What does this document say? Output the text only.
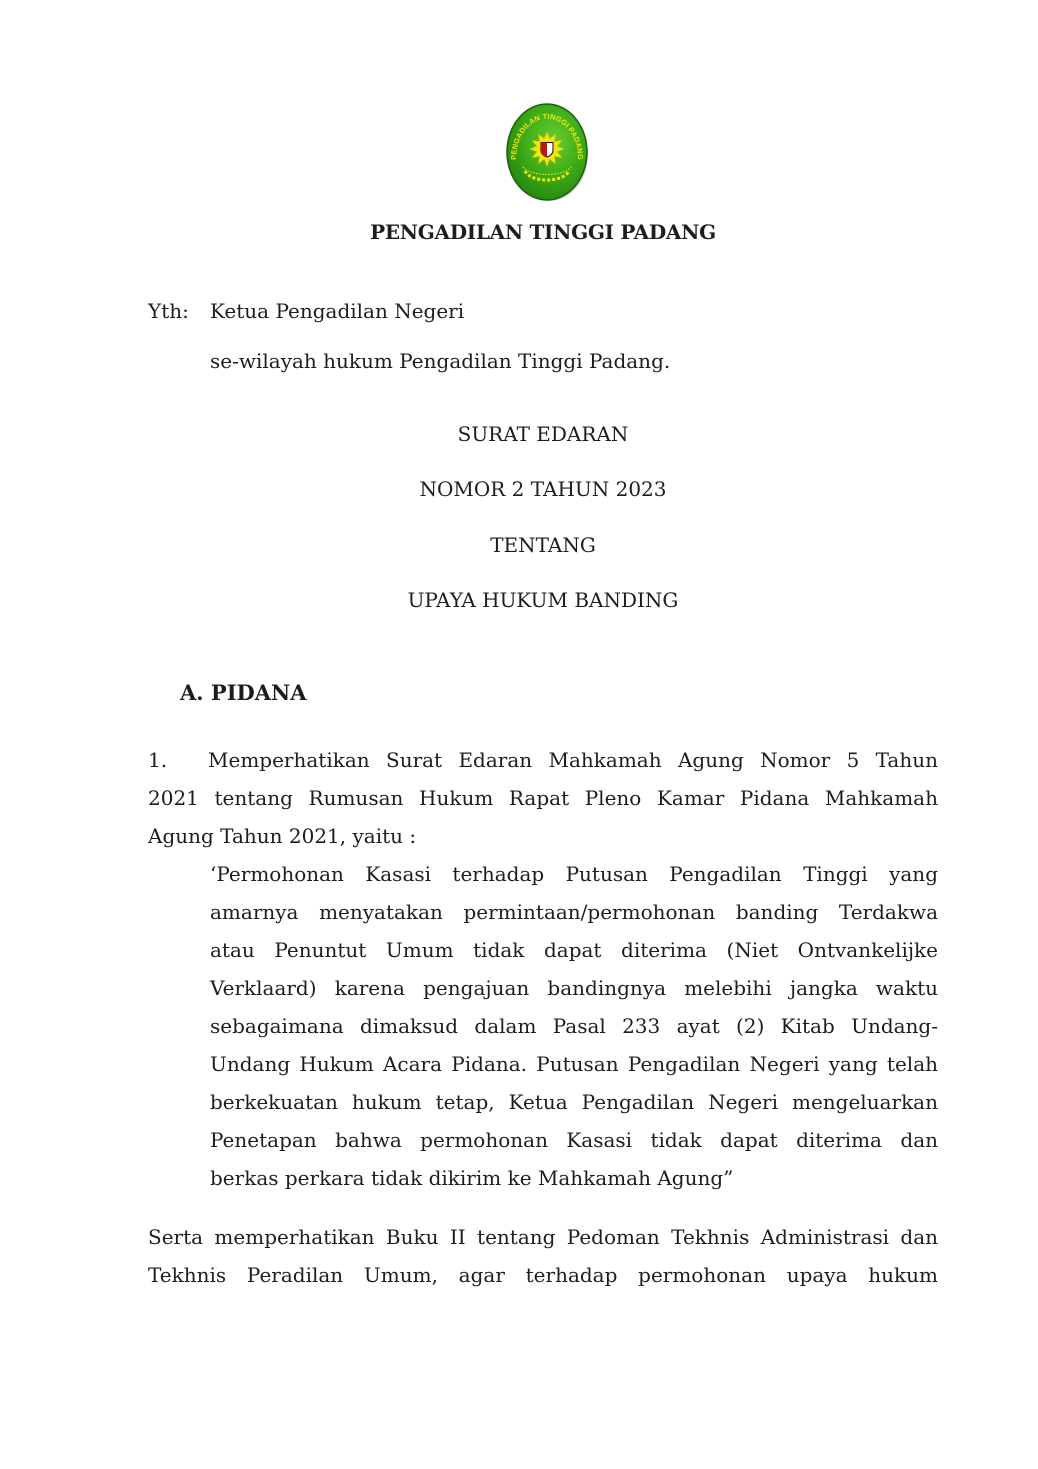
PENGADILAN TINGGI PADANG
PENGADILAN TINGGI PADANG
Yth: Ketua Pengadilan Negeri
se-wilayah hukum Pengadilan Tinggi Padang.
SURAT EDARAN
NOMOR 2 TAHUN 2023
TENTANG
UPAYA HUKUM BANDING
A. PIDANA
1. Memperhatikan Surat Edaran Mahkamah Agung Nomor 5 Tahun
2021 tentang Rumusan Hukum Rapat Pleno Kamar Pidana Mahkamah
Agung Tahun 2021, yaitu :
‘Permohonan Kasasi terhadap Putusan Pengadilan Tinggi yang
amarnya menyatakan permintaan/permohonan banding Terdakwa
atau Penuntut Umum tidak dapat diterima (Niet Ontvankelijke
Verklaard) karena pengajuan bandingnya melebihi jangka waktu
sebagaimana dimaksud dalam Pasal 233 ayat (2) Kitab Undang-
Undang Hukum Acara Pidana. Putusan Pengadilan Negeri yang telah
berkekuatan hukum tetap, Ketua Pengadilan Negeri mengeluarkan
Penetapan bahwa permohonan Kasasi tidak dapat diterima dan
berkas perkara tidak dikirim ke Mahkamah Agung”
Serta memperhatikan Buku II tentang Pedoman Tekhnis Administrasi dan
Tekhnis Peradilan Umum, agar terhadap permohonan upaya hukum
